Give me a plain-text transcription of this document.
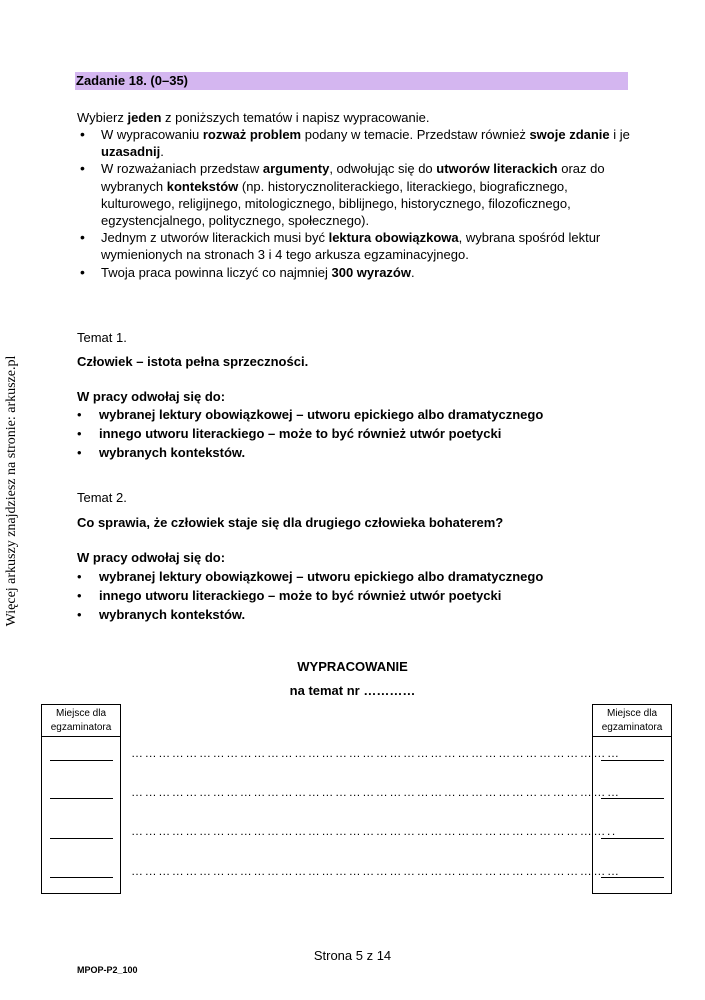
Więcej arkuszy znajdziesz na stronie: arkusze.pl
Zadanie 18. (0–35)
Wybierz jeden z poniższych tematów i napisz wypracowanie.
• W wypracowaniu rozważ problem podany w temacie. Przedstaw również swoje zdanie i je uzasadnij.
• W rozważaniach przedstaw argumenty, odwołując się do utworów literackich oraz do wybranych kontekstów (np. historycznoliterackiego, literackiego, biograficznego, kulturowego, religijnego, mitologicznego, biblijnego, historycznego, filozoficznego, egzystencjalnego, politycznego, społecznego).
• Jednym z utworów literackich musi być lektura obowiązkowa, wybrana spośród lektur wymienionych na stronach 3 i 4 tego arkusza egzaminacyjnego.
• Twoja praca powinna liczyć co najmniej 300 wyrazów.
Temat 1.
Człowiek – istota pełna sprzeczności.
W pracy odwołaj się do:
• wybranej lektury obowiązkowej – utworu epickiego albo dramatycznego
• innego utworu literackiego – może to być również utwór poetycki
• wybranych kontekstów.
Temat 2.
Co sprawia, że człowiek staje się dla drugiego człowieka bohaterem?
W pracy odwołaj się do:
• wybranej lektury obowiązkowej – utworu epickiego albo dramatycznego
• innego utworu literackiego – może to być również utwór poetycki
• wybranych kontekstów.
WYPRACOWANIE
na temat nr …………
Miejsce dla egzaminatora
Miejsce dla egzaminatora
………………………………………………………………………………………………
………………………………………………………………………………………………
……………………………………………………………………………………………..
………………………………………………………………………………………………
Strona 5 z 14
MPOP-P2_100
